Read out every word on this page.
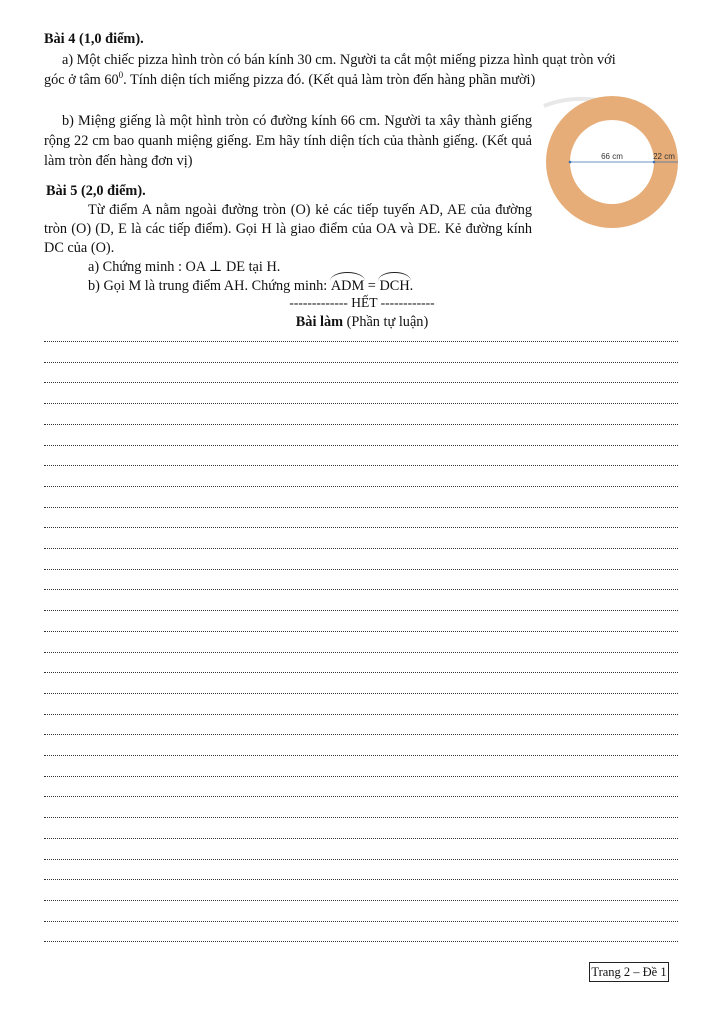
Bài 4 (1,0 điểm).
a) Một chiếc pizza hình tròn có bán kính 30 cm. Người ta cắt một miếng pizza hình quạt tròn với
góc ở tâm $60^0$. Tính diện tích miếng pizza đó. (Kết quả làm tròn đến hàng phần mười)

b) Miệng giếng là một hình tròn có đường kính 66 cm. Người ta xây thành giếng rộng 22 cm bao quanh miệng giếng. Em hãy tính diện tích của thành giếng. (Kết quả làm tròn đến hàng đơn vị)	66 cm	22 cm
Bài 5 (2,0 điểm).

Từ điểm A nằm ngoài đường tròn (O) kẻ các tiếp tuyến AD, AE của đường tròn (O) (D, E là các tiếp điểm). Gọi H là giao điểm của OA và DE. Kẻ đường kính DC của (O).

a) Chứng minh : OA ⊥ DE tại H.
b) Gọi M là trung điểm AH. Chứng minh: ADM = DCH.
------------- HẾT ------------
Bài làm (Phần tự luận)
Trang 2 – Đề 1
